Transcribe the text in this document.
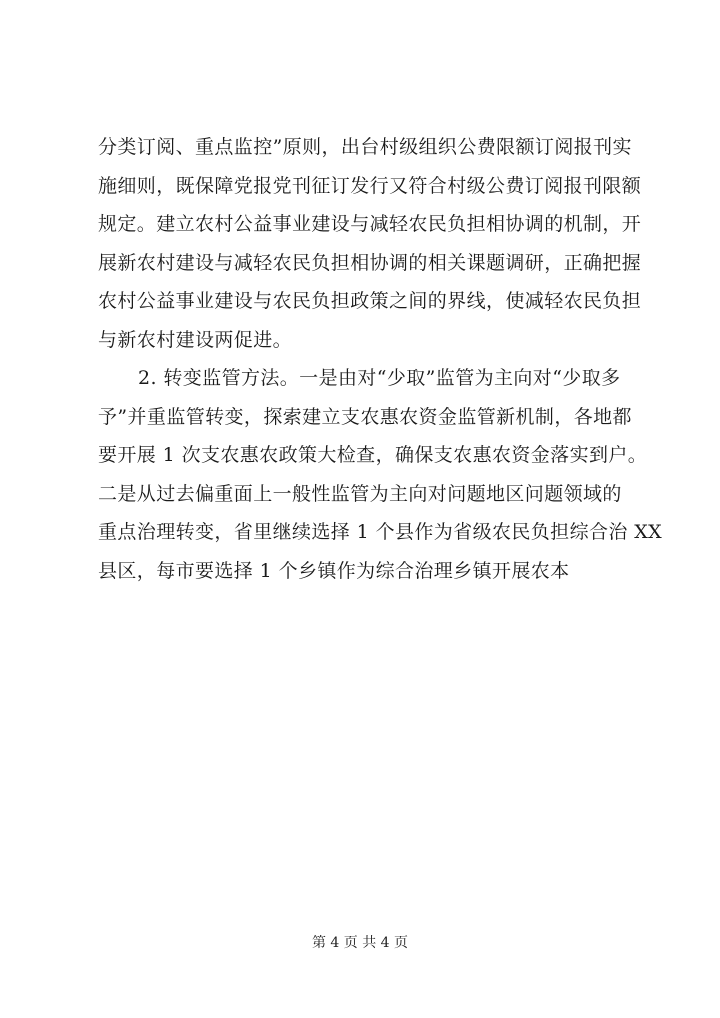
分类订阅、重点监控”原则，出台村级组织公费限额订阅报刊实
施细则，既保障党报党刊征订发行又符合村级公费订阅报刊限额
规定。建立农村公益事业建设与减轻农民负担相协调的机制，开
展新农村建设与减轻农民负担相协调的相关课题调研，正确把握
农村公益事业建设与农民负担政策之间的界线，使减轻农民负担
与新农村建设两促进。
2. 转变监管方法。一是由对“少取”监管为主向对“少取多
予”并重监管转变，探索建立支农惠农资金监管新机制，各地都
要开展 1 次支农惠农政策大检查，确保支农惠农资金落实到户。
二是从过去偏重面上一般性监管为主向对问题地区问题领域的
重点治理转变，省里继续选择 1 个县作为省级农民负担综合治 XX
县区，每市要选择 1 个乡镇作为综合治理乡镇开展农本
第 4 页 共 4 页
